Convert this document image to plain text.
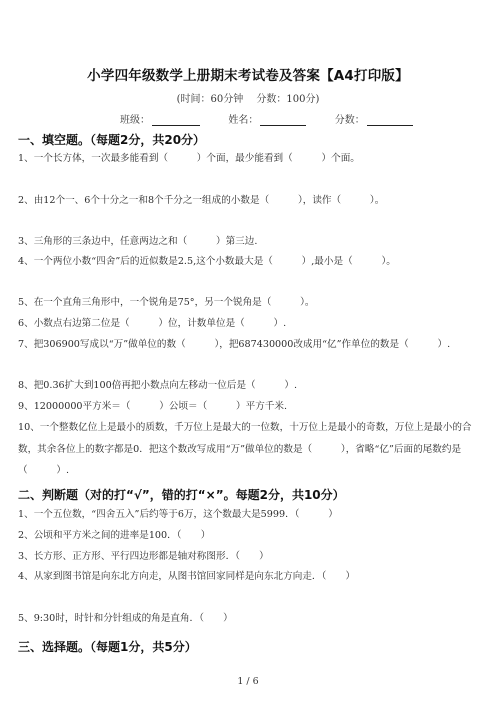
小学四年级数学上册期末考试卷及答案【A4打印版】
(时间：60分钟　 分数：100分)
班级：	姓名：	分数：
一、填空题。（每题2分，共20分）
1、一个长方体，一次最多能看到（　　　）个面，最少能看到（　　　）个面。
2、由12个一、6个十分之一和8个千分之一组成的小数是（　　　），读作（　　　）。
3、三角形的三条边中，任意两边之和（　　　）第三边.
4、一个两位小数“四舍”后的近似数是2.5,这个小数最大是（　　　）,最小是（　　　）。
5、在一个直角三角形中，一个锐角是75°，另一个锐角是（　　　）。
6、小数点右边第二位是（　　　）位，计数单位是（　　　）.
7、把306900写成以“万”做单位的数（　　　），把687430000改成用“亿”作单位的数是（　　　）.
8、把0.36扩大到100倍再把小数点向左移动一位后是（　　　）.
9、12000000平方米＝（　　　）公顷＝（　　　）平方千米.
10、一个整数亿位上是最小的质数，千万位上是最大的一位数，十万位上是最小的奇数，万位上是最小的合数，其余各位上的数字都是0．把这个数改写成用“万”做单位的数是（　　　），省略“亿”后面的尾数约是（　　　）.
二、判断题（对的打“√”，错的打“×”。每题2分，共10分）
1、一个五位数，“四舍五入”后约等于6万，这个数最大是5999．（　　　）
2、公顷和平方米之间的进率是100．（　　）
3、长方形、正方形、平行四边形都是轴对称图形．（　　）
4、从家到图书馆是向东北方向走，从图书馆回家同样是向东北方向走．（　　）
5、9:30时，时针和分针组成的角是直角．（　　）
三、选择题。（每题1分，共5分）
1 / 6
